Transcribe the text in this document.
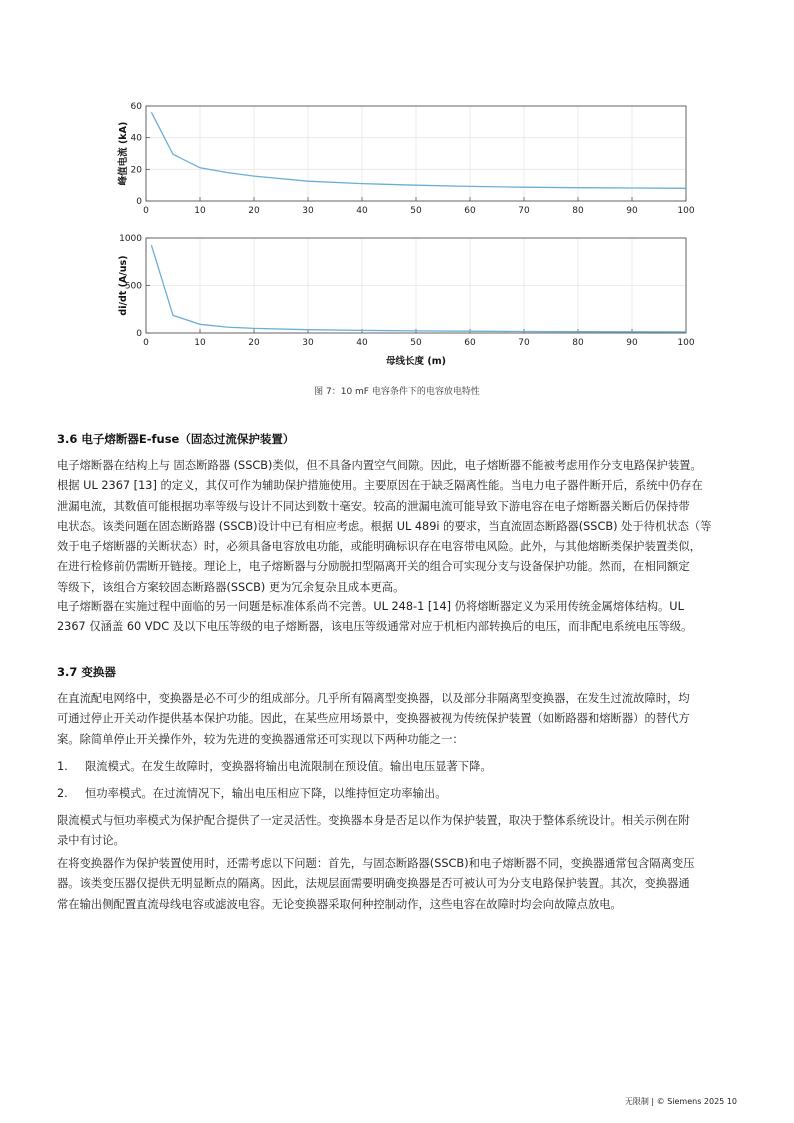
0	10	20	30	40	50	60	70	80	90	100
0
20
40
60
峰值电流 (kA)
0	10	20	30	40	50	60	70	80	90	100
0
500
1000
di/dt (A/us)
母线长度 (m)
图 7：10 mF 电容条件下的电容放电特性
3.6 电子熔断器E-fuse（固态过流保护装置）
电子熔断器在结构上与 固态断路器 (SSCB)类似，但不具备内置空气间隙。因此，电子熔断器不能被考虑用作分支电路保护装置。
根据 UL 2367 [13] 的定义，其仅可作为辅助保护措施使用。主要原因在于缺乏隔离性能。当电力电子器件断开后，系统中仍存在
泄漏电流，其数值可能根据功率等级与设计不同达到数十毫安。较高的泄漏电流可能导致下游电容在电子熔断器关断后仍保持带
电状态。该类问题在固态断路器 (SSCB)设计中已有相应考虑。根据 UL 489i 的要求，当直流固态断路器(SSCB) 处于待机状态（等
效于电子熔断器的关断状态）时，必须具备电容放电功能，或能明确标识存在电容带电风险。此外，与其他熔断类保护装置类似，
在进行检修前仍需断开链接。理论上，电子熔断器与分励脱扣型隔离开关的组合可实现分支与设备保护功能。然而，在相同额定
等级下，该组合方案较固态断路器(SSCB) 更为冗余复杂且成本更高。
电子熔断器在实施过程中面临的另一问题是标准体系尚不完善。UL 248-1 [14] 仍将熔断器定义为采用传统金属熔体结构。UL
2367 仅涵盖 60 VDC 及以下电压等级的电子熔断器，该电压等级通常对应于机柜内部转换后的电压，而非配电系统电压等级。
3.7 变换器
在直流配电网络中，变换器是必不可少的组成部分。几乎所有隔离型变换器，以及部分非隔离型变换器，在发生过流故障时，均
可通过停止开关动作提供基本保护功能。因此，在某些应用场景中，变换器被视为传统保护装置（如断路器和熔断器）的替代方
案。除简单停止开关操作外，较为先进的变换器通常还可实现以下两种功能之一：
1. 限流模式。在发生故障时，变换器将输出电流限制在预设值。输出电压显著下降。
2. 恒功率模式。在过流情况下，输出电压相应下降，以维持恒定功率输出。
限流模式与恒功率模式为保护配合提供了一定灵活性。变换器本身是否足以作为保护装置，取决于整体系统设计。相关示例在附
录中有讨论。
在将变换器作为保护装置使用时，还需考虑以下问题：首先，与固态断路器(SSCB)和电子熔断器不同，变换器通常包含隔离变压
器。该类变压器仅提供无明显断点的隔离。因此，法规层面需要明确变换器是否可被认可为分支电路保护装置。其次，变换器通
常在输出侧配置直流母线电容或滤波电容。无论变换器采取何种控制动作，这些电容在故障时均会向故障点放电。
无限制 | © Siemens 2025 10
